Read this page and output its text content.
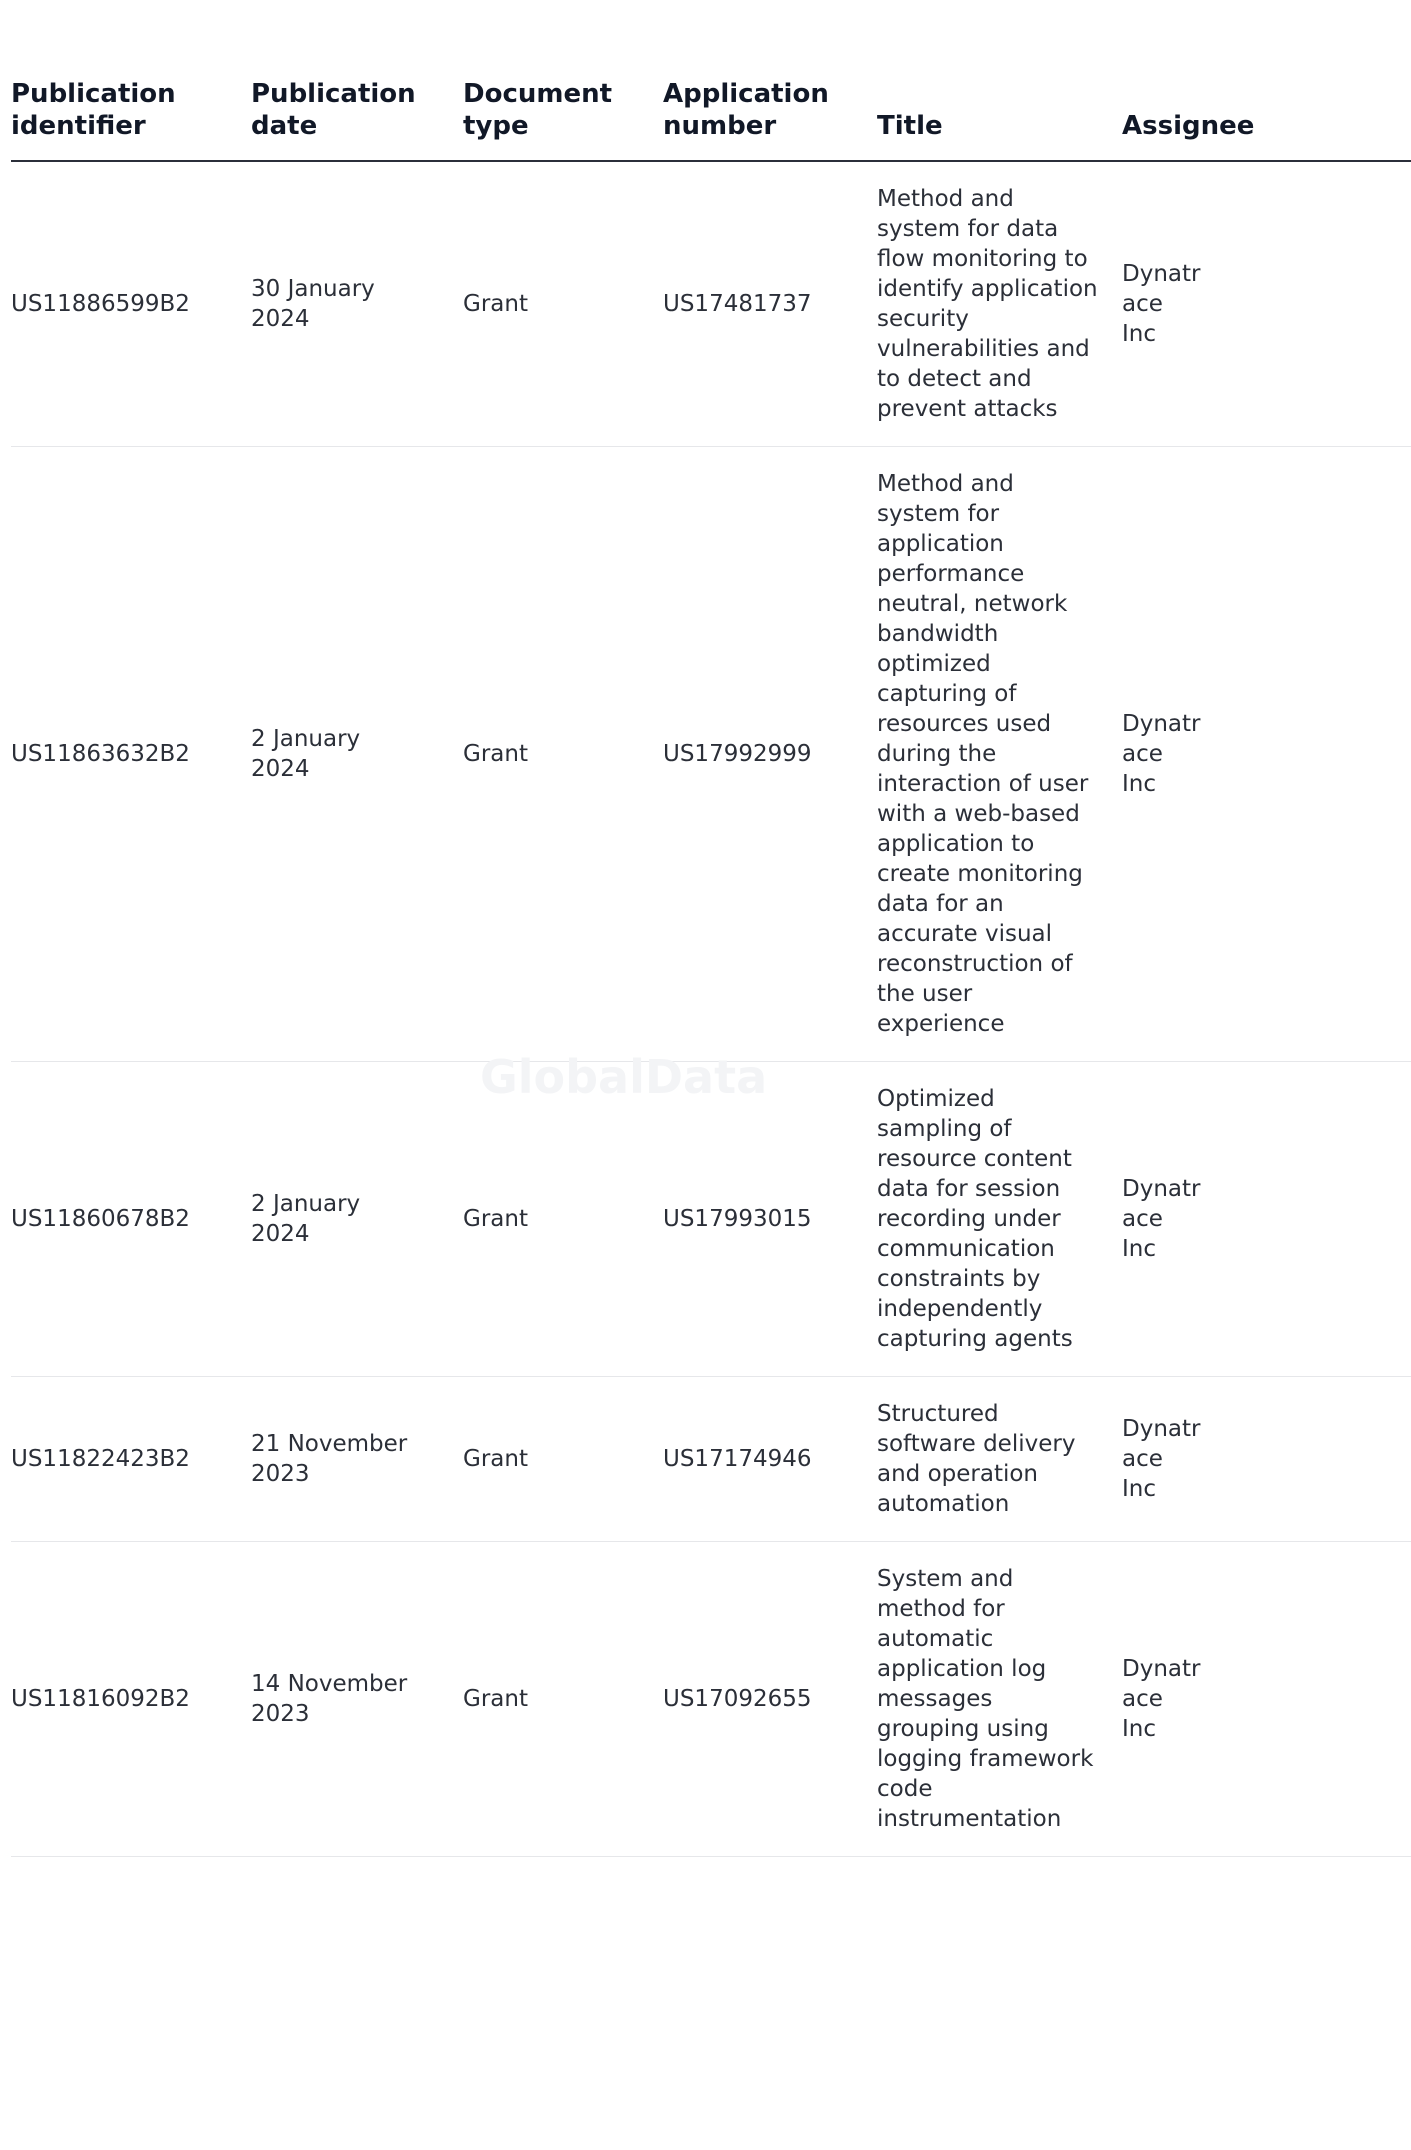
Publication identifier	Publication date	Document type	Application number	Title	Assignee
US11886599B2	30 January 2024	Grant	US17481737	Method and system for data flow monitoring to identify application security vulnerabilities and to detect and prevent attacks	Dynatrace Inc
US11863632B2	2 January 2024	Grant	US17992999	Method and system for application performance neutral, network bandwidth optimized capturing of resources used during the interaction of user with a web-based application to create monitoring data for an accurate visual reconstruction of the user experience	Dynatrace Inc
US11860678B2	2 January 2024	Grant	US17993015	Optimized sampling of resource content data for session recording under communication constraints by independently capturing agents	Dynatrace Inc
US11822423B2	21 November 2023	Grant	US17174946	Structured software delivery and operation automation	Dynatrace Inc
US11816092B2	14 November 2023	Grant	US17092655	System and method for automatic application log messages grouping using logging framework code instrumentation	Dynatrace Inc
GlobalData
